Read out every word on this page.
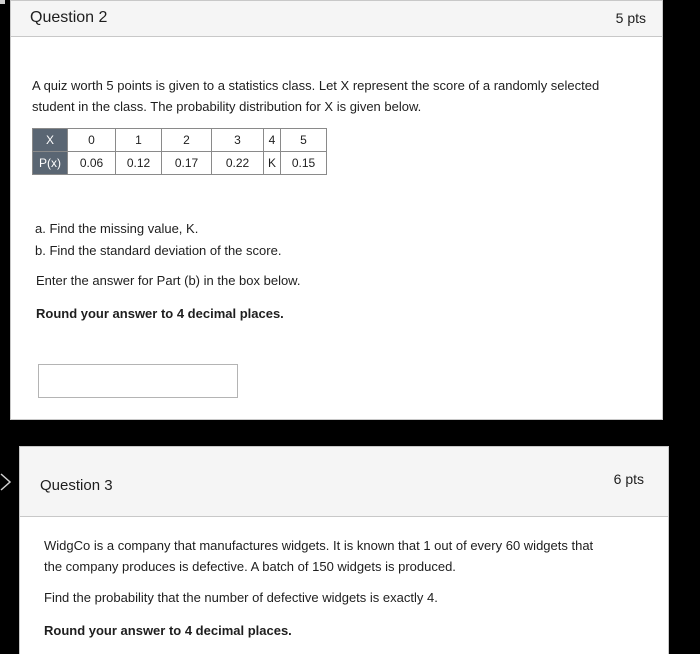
Question 2	5 pts

A quiz worth 5 points is given to a statistics class. Let X represent the score of a randomly selected

student in the class. The probability distribution for X is given below.

X	0	1	2	3	4	5
P(x)	0.06	0.12	0.17	0.22	K	0.15

a. Find the missing value, K.

b. Find the standard deviation of the score.

Enter the answer for Part (b) in the box below.

Round your answer to 4 decimal places.

Question 3	6 pts

WidgCo is a company that manufactures widgets. It is known that 1 out of every 60 widgets that

the company produces is defective. A batch of 150 widgets is produced.

Find the probability that the number of defective widgets is exactly 4.

Round your answer to 4 decimal places.
